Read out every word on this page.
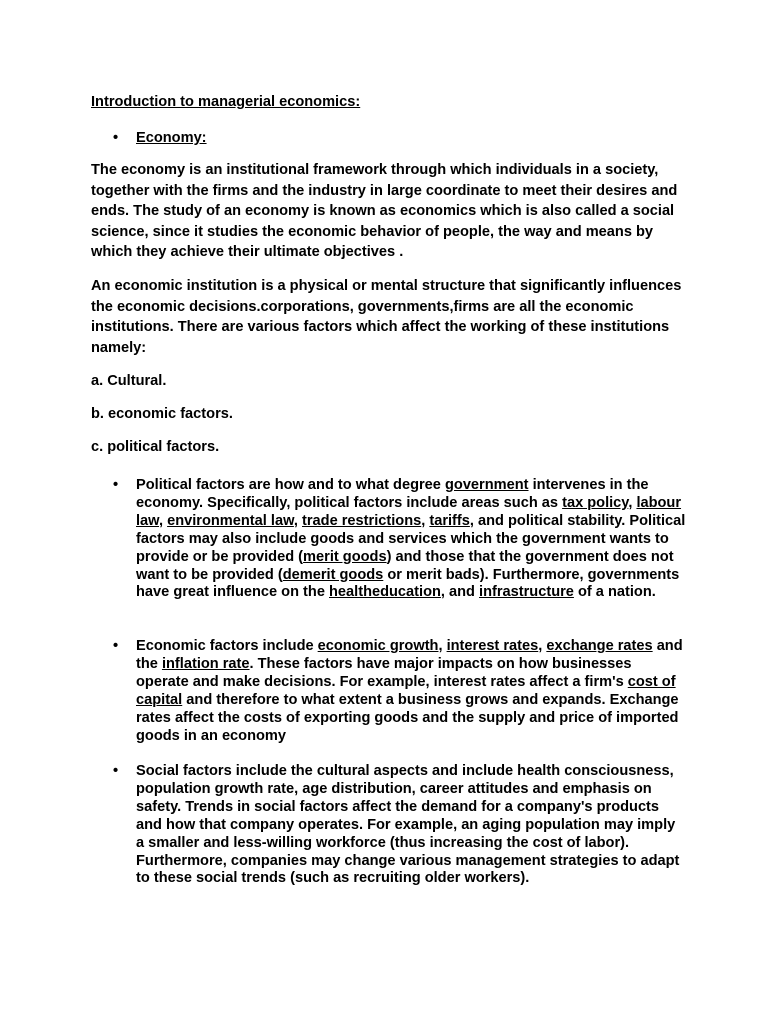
Introduction to managerial economics:
• Economy:
The economy is an institutional framework through which individuals in a society, together with the firms and the industry in large coordinate to meet their desires and ends. The study of an economy is known as economics which is also called a social science, since it studies the economic behavior of people, the way and means by which they achieve their ultimate objectives .
An economic institution is a physical or mental structure that significantly influences the economic decisions.corporations, governments,firms are all the economic institutions. There are various factors which affect the working of these institutions namely:
a. Cultural.
b. economic factors.
c. political factors.
• Political factors are how and to what degree government intervenes in the economy. Specifically, political factors include areas such as tax policy, labour law, environmental law, trade restrictions, tariffs, and political stability. Political factors may also include goods and services which the government wants to provide or be provided (merit goods) and those that the government does not want to be provided (demerit goods or merit bads). Furthermore, governments have great influence on the healtheducation, and infrastructure of a nation.
• Economic factors include economic growth, interest rates, exchange rates and the inflation rate. These factors have major impacts on how businesses operate and make decisions. For example, interest rates affect a firm's cost of capital and therefore to what extent a business grows and expands. Exchange rates affect the costs of exporting goods and the supply and price of imported goods in an economy
• Social factors include the cultural aspects and include health consciousness, population growth rate, age distribution, career attitudes and emphasis on safety. Trends in social factors affect the demand for a company's products and how that company operates. For example, an aging population may imply a smaller and less-willing workforce (thus increasing the cost of labor). Furthermore, companies may change various management strategies to adapt to these social trends (such as recruiting older workers).
